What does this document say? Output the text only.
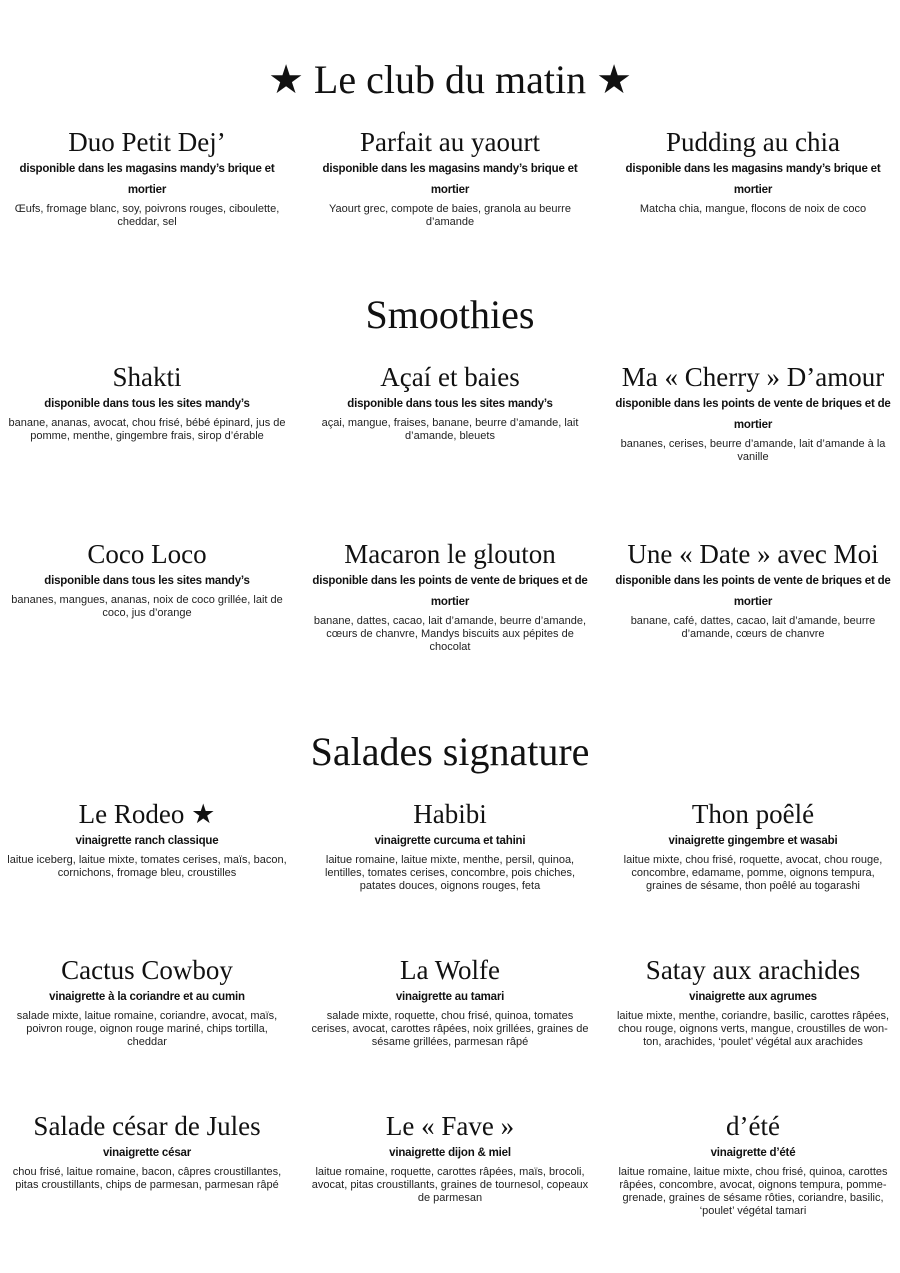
★ Le club du matin ★
Duo Petit Dej’
disponible dans les magasins mandy’s brique et mortier
Œufs, fromage blanc, soy, poivrons rouges, ciboulette, cheddar, sel
Parfait au yaourt
disponible dans les magasins mandy’s brique et mortier
Yaourt grec, compote de baies, granola au beurre d’amande
Pudding au chia
disponible dans les magasins mandy’s brique et mortier
Matcha chia, mangue, flocons de noix de coco
Smoothies
Shakti
disponible dans tous les sites mandy’s
banane, ananas, avocat, chou frisé, bébé épinard, jus de pomme, menthe, gingembre frais, sirop d’érable
Açaí et baies
disponible dans tous les sites mandy’s
açai, mangue, fraises, banane, beurre d’amande, lait d’amande, bleuets
Ma « Cherry » D’amour
disponible dans les points de vente de briques et de mortier
bananes, cerises, beurre d’amande, lait d’amande à la vanille
Coco Loco
disponible dans tous les sites mandy’s
bananes, mangues, ananas, noix de coco grillée, lait de coco, jus d’orange
Macaron le glouton
disponible dans les points de vente de briques et de mortier
banane, dattes, cacao, lait d’amande, beurre d’amande, cœurs de chanvre, Mandys biscuits aux pépites de chocolat
Une « Date » avec Moi
disponible dans les points de vente de briques et de mortier
banane, café, dattes, cacao, lait d’amande, beurre d’amande, cœurs de chanvre
Salades signature
Le Rodeo ★
vinaigrette ranch classique
laitue iceberg, laitue mixte, tomates cerises, maïs, bacon, cornichons, fromage bleu, croustilles
Habibi
vinaigrette curcuma et tahini
laitue romaine, laitue mixte, menthe, persil, quinoa, lentilles, tomates cerises, concombre, pois chiches, patates douces, oignons rouges, feta
Thon poêlé
vinaigrette gingembre et wasabi
laitue mixte, chou frisé, roquette, avocat, chou rouge, concombre, edamame, pomme, oignons tempura, graines de sésame, thon poêlé au togarashi
Cactus Cowboy
vinaigrette à la coriandre et au cumin
salade mixte, laitue romaine, coriandre, avocat, maïs, poivron rouge, oignon rouge mariné, chips tortilla, cheddar
La Wolfe
vinaigrette au tamari
salade mixte, roquette, chou frisé, quinoa, tomates cerises, avocat, carottes râpées, noix grillées, graines de sésame grillées, parmesan râpé
Satay aux arachides
vinaigrette aux agrumes
laitue mixte, menthe, coriandre, basilic, carottes râpées, chou rouge, oignons verts, mangue, croustilles de won-ton, arachides, ‘poulet’ végétal aux arachides
Salade césar de Jules
vinaigrette césar
chou frisé, laitue romaine, bacon, câpres croustillantes, pitas croustillants, chips de parmesan, parmesan râpé
Le « Fave »
vinaigrette dijon & miel
laitue romaine, roquette, carottes râpées, maïs, brocoli, avocat, pitas croustillants, graines de tournesol, copeaux de parmesan
d’été
vinaigrette d’été
laitue romaine, laitue mixte, chou frisé, quinoa, carottes râpées, concombre, avocat, oignons tempura, pomme-grenade, graines de sésame rôties, coriandre, basilic, ‘poulet’ végétal tamari
